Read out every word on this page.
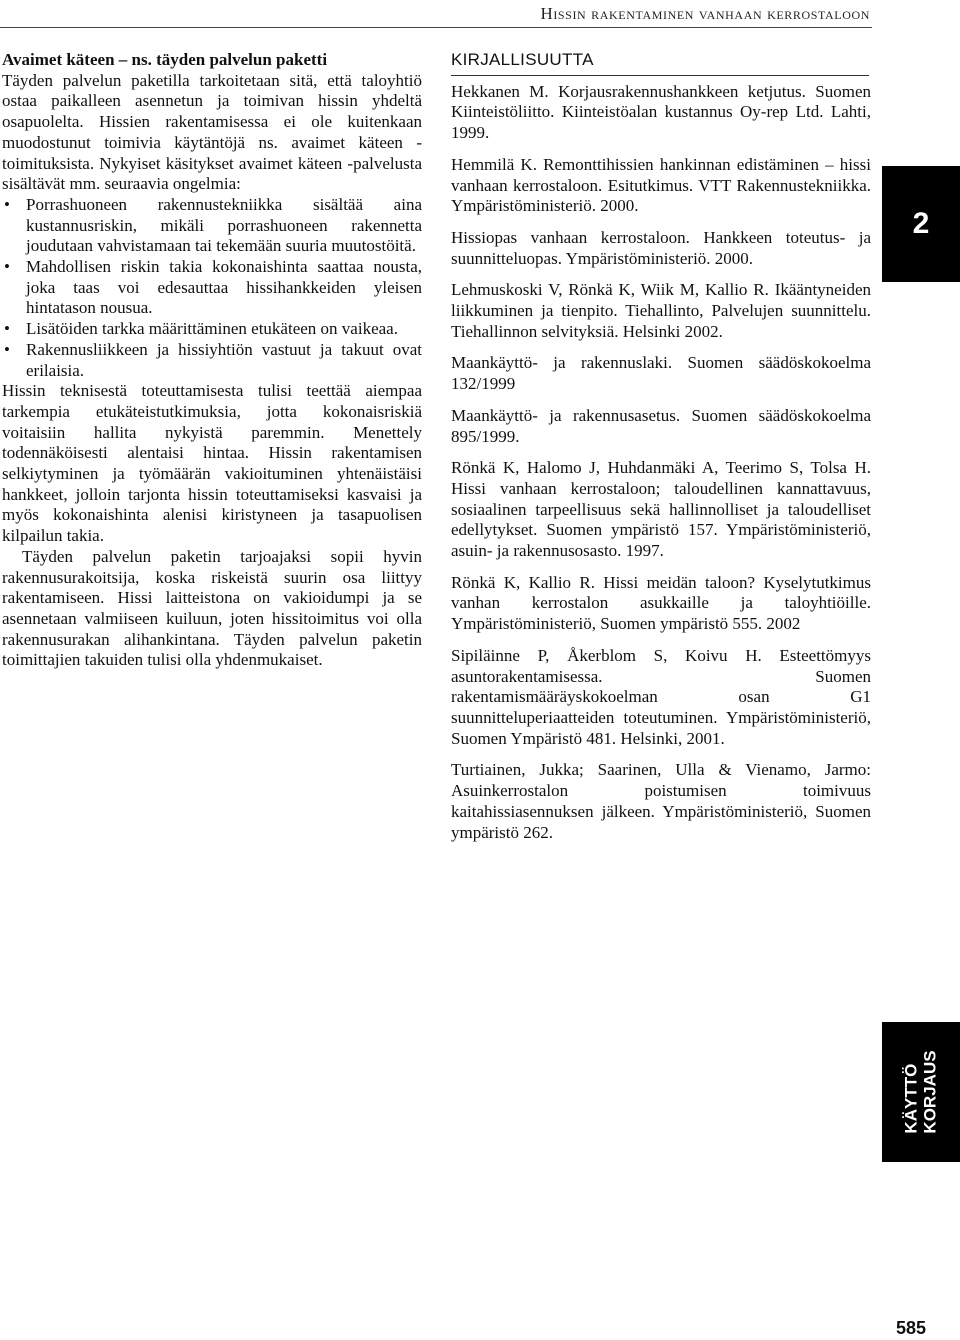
Hissin rakentaminen vanhaan kerrostaloon

Avaimet käteen – ns. täyden palvelun paketti

Täyden palvelun paketilla tarkoitetaan sitä, että taloyhtiö ostaa paikalleen asennetun ja toimivan hissin yhdeltä osapuolelta. Hissien rakentamisessa ei ole kuitenkaan muodostunut toimivia käytäntöjä ns. avaimet käteen -toimituksista. Nykyiset käsitykset avaimet käteen -palvelusta sisältävät mm. seuraavia ongelmia:

• Porrashuoneen rakennustekniikka sisältää aina kustannusriskin, mikäli porrashuoneen rakennetta joudutaan vahvistamaan tai tekemään suuria muutostöitä.
• Mahdollisen riskin takia kokonaishinta saattaa nousta, joka taas voi edesauttaa hissihankkeiden yleisen hintatason nousua.
• Lisätöiden tarkka määrittäminen etukäteen on vaikeaa.
• Rakennusliikkeen ja hissiyhtiön vastuut ja takuut ovat erilaisia.

Hissin teknisestä toteuttamisesta tulisi teettää aiempaa tarkempia etukäteistutkimuksia, jotta kokonaisriskiä voitaisiin hallita nykyistä paremmin. Menettely todennäköisesti alentaisi hintaa. Hissin rakentamisen selkiytyminen ja työmäärän vakioituminen yhtenäistäisi hankkeet, jolloin tarjonta hissin toteuttamiseksi kasvaisi ja myös kokonaishinta alenisi kiristyneen ja tasapuolisen kilpailun takia.

Täyden palvelun paketin tarjoajaksi sopii hyvin rakennusurakoitsija, koska riskeistä suurin osa liittyy rakentamiseen. Hissi laitteistona on vakioidumpi ja se asennetaan valmiiseen kuiluun, joten hissitoimitus voi olla rakennusurakan alihankintana. Täyden palvelun paketin toimittajien takuiden tulisi olla yhdenmukaiset.

KIRJALLISUUTTA

Hekkanen M. Korjausrakennushankkeen ketjutus. Suomen Kiinteistöliitto. Kiinteistöalan kustannus Oy-rep Ltd. Lahti, 1999.

Hemmilä K. Remonttihissien hankinnan edistäminen – hissi vanhaan kerrostaloon. Esitutkimus. VTT Rakennustekniikka. Ympäristöministeriö. 2000.

Hissiopas vanhaan kerrostaloon. Hankkeen toteutus- ja suunnitteluopas. Ympäristöministeriö. 2000.

Lehmuskoski V, Rönkä K, Wiik M, Kallio R. Ikääntyneiden liikkuminen ja tienpito. Tiehallinto, Palvelujen suunnittelu. Tiehallinnon selvityksiä. Helsinki 2002.

Maankäyttö- ja rakennuslaki. Suomen säädöskokoelma 132/1999

Maankäyttö- ja rakennusasetus. Suomen säädöskokoelma 895/1999.

Rönkä K, Halomo J, Huhdanmäki A, Teerimo S, Tolsa H. Hissi vanhaan kerrostaloon; taloudellinen kannattavuus, sosiaalinen tarpeellisuus sekä hallinnolliset ja taloudelliset edellytykset. Suomen ympäristö 157. Ympäristöministeriö, asuin- ja rakennusosasto. 1997.

Rönkä K, Kallio R. Hissi meidän taloon? Kyselytutkimus vanhan kerrostalon asukkaille ja taloyhtiöille. Ympäristöministeriö, Suomen ympäristö 555. 2002

Sipiläinne P, Åkerblom S, Koivu H. Esteettömyys asuntorakentamisessa. Suomen rakentamismääräyskokoelman osan G1 suunnitteluperiaatteiden toteutuminen. Ympäristöministeriö, Suomen Ympäristö 481. Helsinki, 2001.

Turtiainen, Jukka; Saarinen, Ulla & Vienamo, Jarmo: Asuinkerrostalon poistumisen toimivuus kaitahissiasennuksen jälkeen. Ympäristöministeriö, Suomen ympäristö 262.

2
KÄYTTÖ KORJAUS
585
